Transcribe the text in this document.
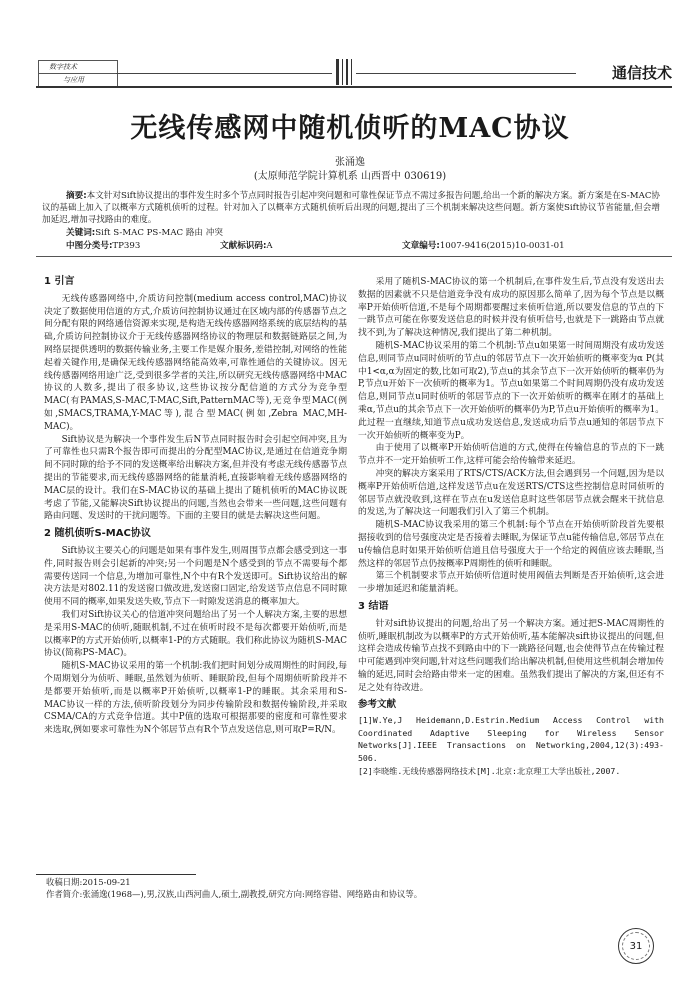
数字技术
与应用	通信技术
无线传感网中随机侦听的MAC协议
张涌逸
(太原师范学院计算机系 山西晋中 030619)
摘要:本文针对Sift协议提出的事件发生时多个节点同时报告引起冲突问题和可靠性保证节点不需过多报告问题,给出一个新的解决方案。新方案是在S-MAC协议的基础上加入了以概率方式随机侦听的过程。针对加入了以概率方式随机侦听后出现的问题,提出了三个机制来解决这些问题。新方案使Sift协议节省能量,但会增加延迟,增加寻找路由的难度。
关键词:Sift S-MAC PS-MAC 路由 冲突
中图分类号:TP393	文献标识码:A	文章编号:1007-9416(2015)10-0031-01
1 引言

无线传感器网络中,介质访问控制(medium access control,MAC)协议决定了数据使用信道的方式,介质访问控制协议通过在区域内部的传感器节点之间分配有限的网络通信资源来实现,是构造无线传感器网络系统的底层结构的基础,介质访问控制协议介于无线传感器网络协议的物理层和数据链路层之间,为网络层提供透明的数据传输业务,主要工作是媒介服务,差错控制,对网络的性能起着关键作用,是确保无线传感器网络能高效率,可靠性通信的关键协议。因无线传感器网络用途广泛,受到很多学者的关注,所以研究无线传感器网络中MAC协议的人数多,提出了很多协议,这些协议按分配信道的方式分为竞争型MAC(有PAMAS,S-MAC,T-MAC,Sift,PatternMAC等),无竞争型MAC(例如,SMACS,TRAMA,Y-MAC等),混合型MAC(例如,Zebra MAC,MH-MAC)。

Sift协议是为解决一个事件发生后N节点同时报告时会引起空间冲突,且为了可靠性也只需R个报告即可而提出的分配型MAC协议,是通过在信道竞争期间不同时隙的给予不同的发送概率给出解决方案,但并没有考虑无线传感器节点提出的节能要求,而无线传感器网络的能量消耗,直接影响着无线传感器网络的MAC层的设计。我们在S-MAC协议的基础上提出了随机侦听的MAC协议既考虑了节能,又能解决Sift协议提出的问题,当然也会带来一些问题,这些问题有路由问题、发送时的干扰问题等。下面的主要目的就是去解决这些问题。

2 随机侦听S-MAC协议

Sift协议主要关心的问题是如果有事件发生,则周围节点都会感受到这一事件,同时报告则会引起新的冲突;另一个问题是N个感受到的节点不需要每个都需要传送同一个信息,为增加可靠性,N个中有R个发送即可。Sift协议给出的解决方法是对802.11的发送窗口做改进,发送窗口固定,给发送节点信息不同时隙使用不同的概率,如果发送失败,节点下一时隙发送消息的概率加大。

我们对Sift协议关心的信道冲突问题给出了另一个人解决方案,主要的思想是采用S-MAC的侦听,随眠机制,不过在侦听时段不是每次都要开始侦听,而是以概率P的方式开始侦听,以概率1-P的方式随眠。我们称此协议为随机S-MAC协议(简称PS-MAC)。

随机S-MAC协议采用的第一个机制:我们把时间划分成周期性的时间段,每个周期划分为侦听、睡眠,虽然划为侦听、睡眠阶段,但每个周期侦听阶段并不是都要开始侦听,而是以概率P开始侦听,以概率1-P的睡眠。其余采用和S-MAC协议一样的方法,侦听阶段划分为同步传输阶段和数据传输阶段,并采取CSMA/CA的方式竞争信道。其中P值的选取可根据那要的密度和可靠性要求来选取,例如要求可靠性为N个邻居节点有R个节点发送信息,则可取P=R/N。

采用了随机S-MAC协议的第一个机制后,在事件发生后,节点没有发送出去数据的因素就不只是信道竞争没有成功的原因那么简单了,因为每个节点是以概率P开始侦听信道,不是每个周期都要醒过来侦听信道,所以要发信息的节点的下一跳节点可能在你要发送信息的时候并没有侦听信号,也就是下一跳路由节点就找不到,为了解决这种情况,我们提出了第二种机制。

随机S-MAC协议采用的第二个机制:节点u如果第一时间周期没有成功发送信息,则同节点u同时侦听的节点u的邻居节点下一次开始侦听的概率变为α P(其中1<α,α为固定的数,比如可取2),节点u的其余节点下一次开始侦听的概率仍为P,节点u开始下一次侦听的概率为1。节点u如果第二个时间周期仍没有成功发送信息,则同节点u同时侦听的邻居节点的下一次开始侦听的概率在刚才的基础上乘α,节点u的其余节点下一次开始侦听的概率仍为P,节点u开始侦听的概率为1。此过程一直继续,知道节点u成功发送信息,发送成功后节点u通知的邻居节点下一次开始侦听的概率变为P。

由于使用了以概率P开始侦听信道的方式,使得在传输信息的节点的下一跳节点并不一定开始侦听工作,这样可能会给传输带来延迟。

冲突的解决方案采用了RTS/CTS/ACK方法,但会遇到另一个问题,因为是以概率P开始侦听信道,这样发送节点u在发送RTS/CTS这些控制信息时同侦听的邻居节点就没收到,这样在节点在u发送信息时这些邻居节点就会醒来干扰信息的发送,为了解决这一问题我们引入了第三个机制。

随机S-MAC协议我采用的第三个机制:每个节点在开始侦听阶段首先要根据接收到的信号强度决定是否接着去睡眠,为保证节点u能传输信息,邻居节点在u传输信息时如果开始侦听信道且信号强度大于一个给定的阀值应该去睡眠,当然这样的邻居节点仍按概率P周期性的侦听和睡眠。

第三个机制要求节点开始侦听信道时使用阀值去判断是否开始侦听,这会进一步增加延迟和能量消耗。

3 结语

针对sift协议提出的问题,给出了另一个解决方案。通过把S-MAC周期性的侦听,睡眠机制改为以概率P的方式开始侦听,基本能解决sift协议提出的问题,但这样会造成传输节点找不到路由中的下一跳路径问题,也会使得节点在传输过程中可能遇到冲突问题,针对这些问题我们给出解决机制,但使用这些机制会增加传输的延迟,同时会给路由带来一定的困难。虽然我们提出了解决的方案,但还有不足之处有待改进。

参考文献

[1]W.Ye,J Heidemann,D.Estrin.Medium Access Control with Coordinated Adaptive Sleeping for Wireless Sensor Networks[J].IEEE Transactions on Networking,2004,12(3):493-506.

[2]李晓维.无线传感器网络技术[M].北京:北京理工大学出版社,2007.

收稿日期:2015-09-21
作者简介:张涌逸(1968—),男,汉族,山西河曲人,硕士,副教授,研究方向:网络容错、网络路由和协议等。
31
